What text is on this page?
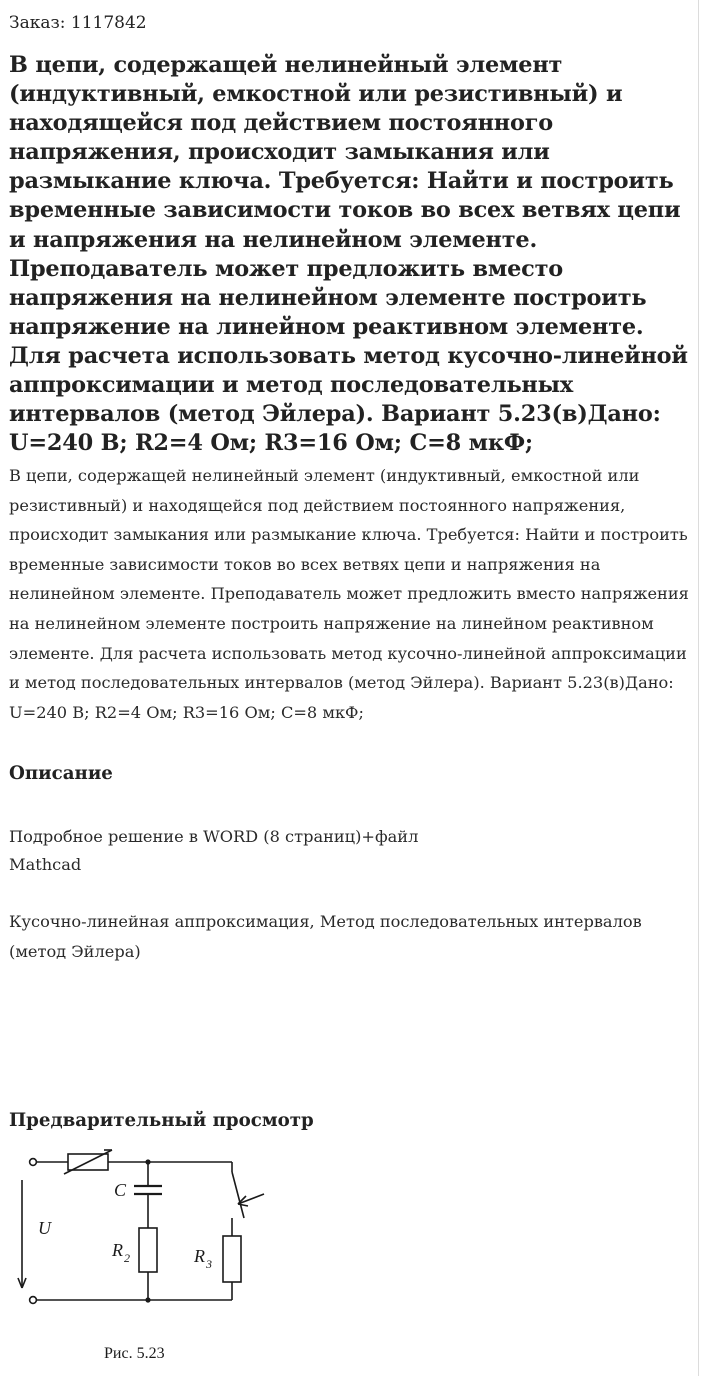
Заказ: 1117842

В цепи, содержащей нелинейный элемент (индуктивный, емкостной или резистивный) и находящейся под действием постоянного напряжения, происходит замыкания или размыкание ключа. Требуется: Найти и построить временные зависимости токов во всех ветвях цепи и напряжения на нелинейном элементе. Преподаватель может предложить вместо напряжения на нелинейном элементе построить напряжение на линейном реактивном элементе. Для расчета использовать метод кусочно-линейной аппроксимации и метод последовательных интервалов (метод Эйлера). Вариант 5.23(в)Дано: U=240 В; R2=4 Ом; R3=16 Ом; C=8 мкФ;

В цепи, содержащей нелинейный элемент (индуктивный, емкостной или резистивный) и находящейся под действием постоянного напряжения, происходит замыкания или размыкание ключа. Требуется: Найти и построить временные зависимости токов во всех ветвях цепи и напряжения на нелинейном элементе. Преподаватель может предложить вместо напряжения на нелинейном элементе построить напряжение на линейном реактивном элементе. Для расчета использовать метод кусочно-линейной аппроксимации и метод последовательных интервалов (метод Эйлера). Вариант 5.23(в)Дано: U=240 В; R2=4 Ом; R3=16 Ом; C=8 мкФ;

Описание

Подробное решение в WORD (8 страниц)+файл

Mathcad

Кусочно-линейная аппроксимация, Метод последовательных интервалов (метод Эйлера)

Предварительный просмотр
U
C
R 2	R 3
Рис. 5.23
